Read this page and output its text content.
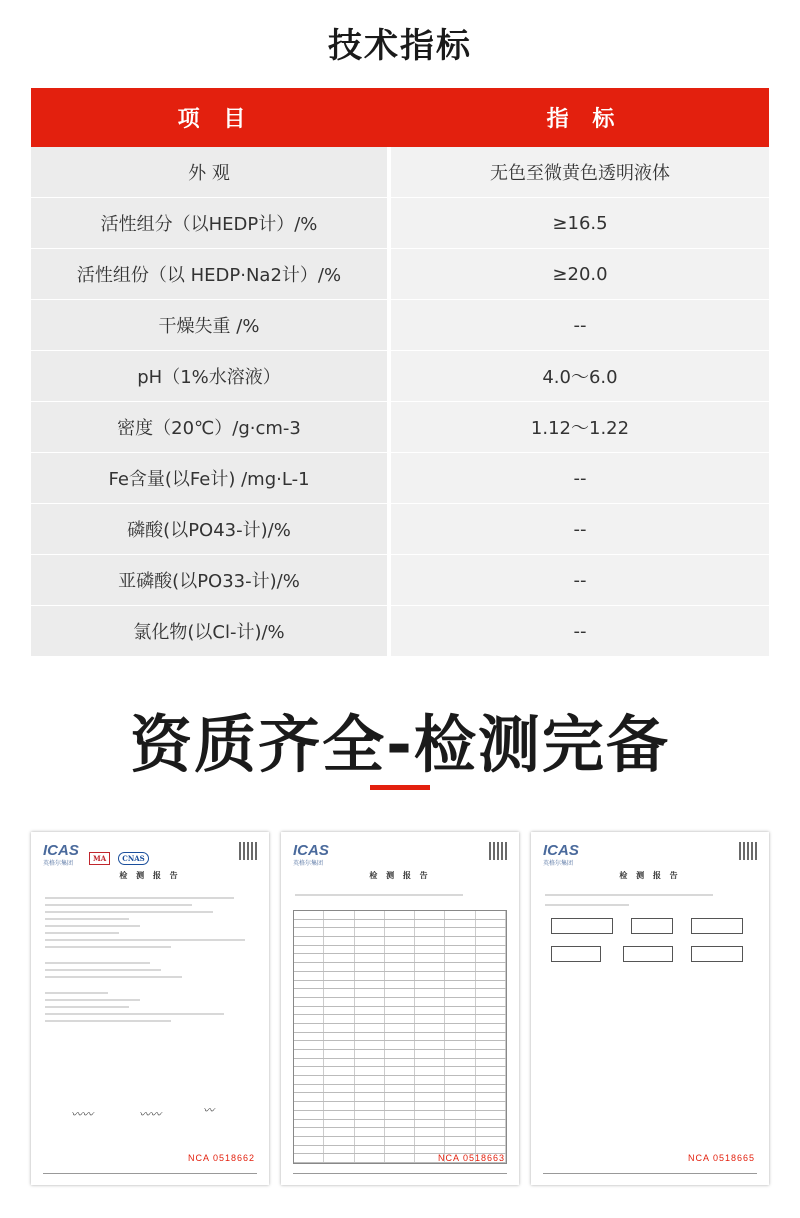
技术指标
项 目	指 标
外 观	无色至微黄色透明液体
活性组分（以HEDP计）/%	≥16.5
活性组份（以 HEDP·Na2计）/%	≥20.0
干燥失重 /%	--
pH（1%水溶液）	4.0～6.0
密度（20℃）/g·cm-3	1.12～1.22
Fe含量(以Fe计) /mg·L-1	--
磷酸(以PO43-计)/%	--
亚磷酸(以PO33-计)/%	--
氯化物(以Cl-计)/%	--
资质齐全-检测完备
ICAS
英格尔集团
MA CNAS
检 测 报 告
〰〰	〰〰	〰
NCA 0518662
ICAS
英格尔集团
检 测 报 告
NCA 0518663
ICAS
英格尔集团
检 测 报 告
NCA 0518665
